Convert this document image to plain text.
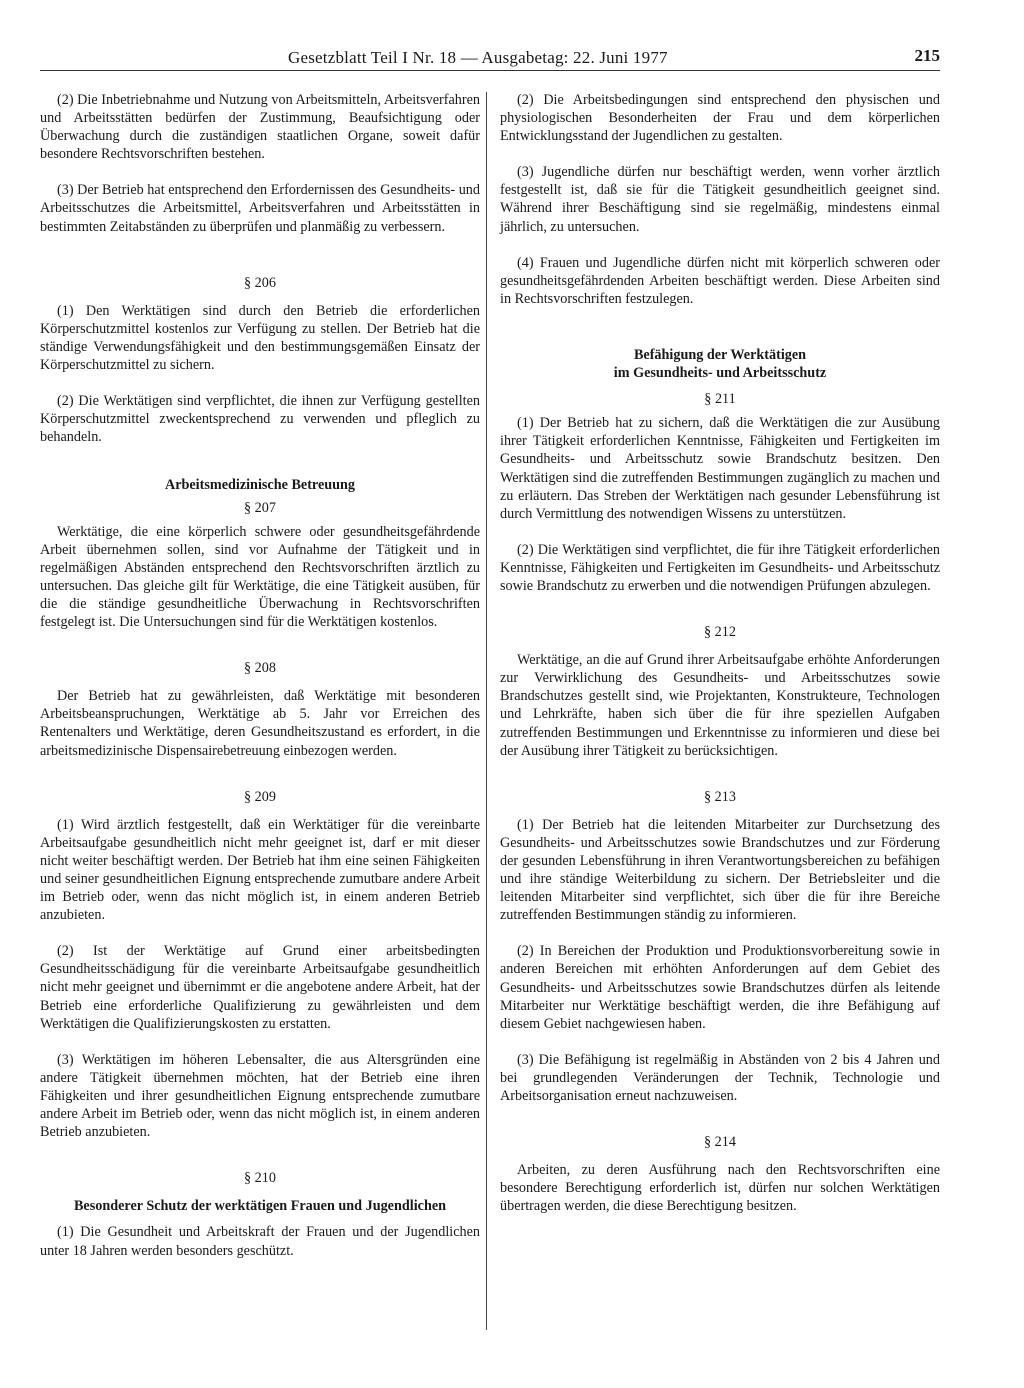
Gesetzblatt Teil I Nr. 18 — Ausgabetag: 22. Juni 1977	215

(2) Die Inbetriebnahme und Nutzung von Arbeitsmitteln, Arbeitsverfahren und Arbeitsstätten bedürfen der Zustimmung, Beaufsichtigung oder Überwachung durch die zuständigen staatlichen Organe, soweit dafür besondere Rechtsvorschriften bestehen.

(3) Der Betrieb hat entsprechend den Erfordernissen des Gesundheits- und Arbeitsschutzes die Arbeitsmittel, Arbeitsverfahren und Arbeitsstätten in bestimmten Zeitabständen zu überprüfen und planmäßig zu verbessern.

§ 206

(1) Den Werktätigen sind durch den Betrieb die erforderlichen Körperschutzmittel kostenlos zur Verfügung zu stellen. Der Betrieb hat die ständige Verwendungsfähigkeit und den bestimmungsgemäßen Einsatz der Körperschutzmittel zu sichern.

(2) Die Werktätigen sind verpflichtet, die ihnen zur Verfügung gestellten Körperschutzmittel zweckentsprechend zu verwenden und pfleglich zu behandeln.

Arbeitsmedizinische Betreuung

§ 207

Werktätige, die eine körperlich schwere oder gesundheitsgefährdende Arbeit übernehmen sollen, sind vor Aufnahme der Tätigkeit und in regelmäßigen Abständen entsprechend den Rechtsvorschriften ärztlich zu untersuchen. Das gleiche gilt für Werktätige, die eine Tätigkeit ausüben, für die die ständige gesundheitliche Überwachung in Rechtsvorschriften festgelegt ist. Die Untersuchungen sind für die Werktätigen kostenlos.

§ 208

Der Betrieb hat zu gewährleisten, daß Werktätige mit besonderen Arbeitsbeanspruchungen, Werktätige ab 5. Jahr vor Erreichen des Rentenalters und Werktätige, deren Gesundheitszustand es erfordert, in die arbeitsmedizinische Dispensairebetreuung einbezogen werden.

§ 209

(1) Wird ärztlich festgestellt, daß ein Werktätiger für die vereinbarte Arbeitsaufgabe gesundheitlich nicht mehr geeignet ist, darf er mit dieser nicht weiter beschäftigt werden. Der Betrieb hat ihm eine seinen Fähigkeiten und seiner gesundheitlichen Eignung entsprechende zumutbare andere Arbeit im Betrieb oder, wenn das nicht möglich ist, in einem anderen Betrieb anzubieten.

(2) Ist der Werktätige auf Grund einer arbeitsbedingten Gesundheitsschädigung für die vereinbarte Arbeitsaufgabe gesundheitlich nicht mehr geeignet und übernimmt er die angebotene andere Arbeit, hat der Betrieb eine erforderliche Qualifizierung zu gewährleisten und dem Werktätigen die Qualifizierungskosten zu erstatten.

(3) Werktätigen im höheren Lebensalter, die aus Altersgründen eine andere Tätigkeit übernehmen möchten, hat der Betrieb eine ihren Fähigkeiten und ihrer gesundheitlichen Eignung entsprechende zumutbare andere Arbeit im Betrieb oder, wenn das nicht möglich ist, in einem anderen Betrieb anzubieten.

§ 210

Besonderer Schutz der werktätigen Frauen und Jugendlichen

(1) Die Gesundheit und Arbeitskraft der Frauen und der Jugendlichen unter 18 Jahren werden besonders geschützt.

(2) Die Arbeitsbedingungen sind entsprechend den physischen und physiologischen Besonderheiten der Frau und dem körperlichen Entwicklungsstand der Jugendlichen zu gestalten.

(3) Jugendliche dürfen nur beschäftigt werden, wenn vorher ärztlich festgestellt ist, daß sie für die Tätigkeit gesundheitlich geeignet sind. Während ihrer Beschäftigung sind sie regelmäßig, mindestens einmal jährlich, zu untersuchen.

(4) Frauen und Jugendliche dürfen nicht mit körperlich schweren oder gesundheitsgefährdenden Arbeiten beschäftigt werden. Diese Arbeiten sind in Rechtsvorschriften festzulegen.

Befähigung der Werktätigen

im Gesundheits- und Arbeitsschutz

§ 211

(1) Der Betrieb hat zu sichern, daß die Werktätigen die zur Ausübung ihrer Tätigkeit erforderlichen Kenntnisse, Fähigkeiten und Fertigkeiten im Gesundheits- und Arbeitsschutz sowie Brandschutz besitzen. Den Werktätigen sind die zutreffenden Bestimmungen zugänglich zu machen und zu erläutern. Das Streben der Werktätigen nach gesunder Lebensführung ist durch Vermittlung des notwendigen Wissens zu unterstützen.

(2) Die Werktätigen sind verpflichtet, die für ihre Tätigkeit erforderlichen Kenntnisse, Fähigkeiten und Fertigkeiten im Gesundheits- und Arbeitsschutz sowie Brandschutz zu erwerben und die notwendigen Prüfungen abzulegen.

§ 212

Werktätige, an die auf Grund ihrer Arbeitsaufgabe erhöhte Anforderungen zur Verwirklichung des Gesundheits- und Arbeitsschutzes sowie Brandschutzes gestellt sind, wie Projektanten, Konstrukteure, Technologen und Lehrkräfte, haben sich über die für ihre speziellen Aufgaben zutreffenden Bestimmungen und Erkenntnisse zu informieren und diese bei der Ausübung ihrer Tätigkeit zu berücksichtigen.

§ 213

(1) Der Betrieb hat die leitenden Mitarbeiter zur Durchsetzung des Gesundheits- und Arbeitsschutzes sowie Brandschutzes und zur Förderung der gesunden Lebensführung in ihren Verantwortungsbereichen zu befähigen und ihre ständige Weiterbildung zu sichern. Der Betriebsleiter und die leitenden Mitarbeiter sind verpflichtet, sich über die für ihre Bereiche zutreffenden Bestimmungen ständig zu informieren.

(2) In Bereichen der Produktion und Produktionsvorbereitung sowie in anderen Bereichen mit erhöhten Anforderungen auf dem Gebiet des Gesundheits- und Arbeitsschutzes sowie Brandschutzes dürfen als leitende Mitarbeiter nur Werktätige beschäftigt werden, die ihre Befähigung auf diesem Gebiet nachgewiesen haben.

(3) Die Befähigung ist regelmäßig in Abständen von 2 bis 4 Jahren und bei grundlegenden Veränderungen der Technik, Technologie und Arbeitsorganisation erneut nachzuweisen.

§ 214

Arbeiten, zu deren Ausführung nach den Rechtsvorschriften eine besondere Berechtigung erforderlich ist, dürfen nur solchen Werktätigen übertragen werden, die diese Berechtigung besitzen.
